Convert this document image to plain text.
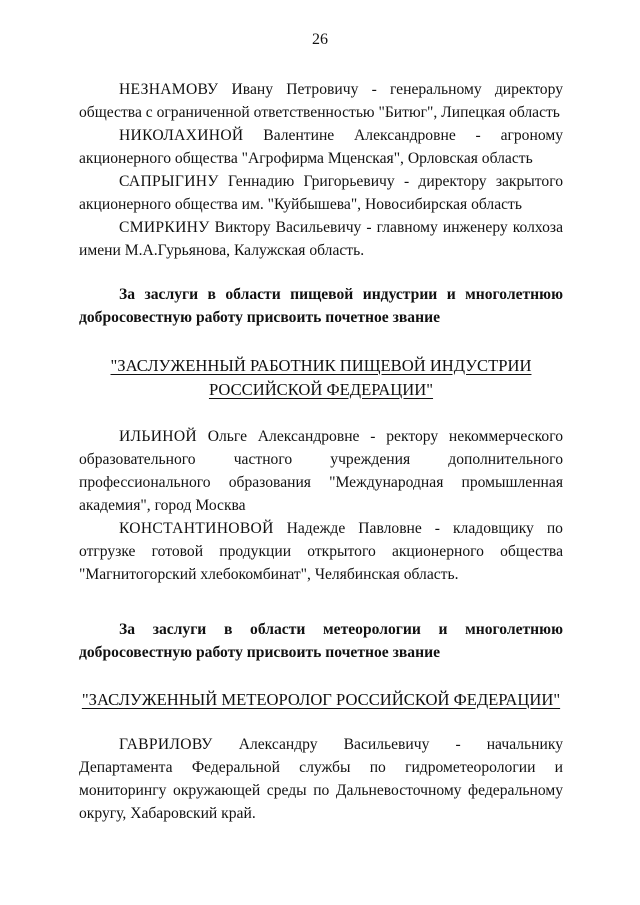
26

НЕЗНАМОВУ Ивану Петровичу - генеральному директору общества с ограниченной ответственностью "Битюг", Липецкая область

НИКОЛАХИНОЙ Валентине Александровне - агроному акционерного общества "Агрофирма Мценская", Орловская область

САПРЫГИНУ Геннадию Григорьевичу - директору закрытого акционерного общества им. "Куйбышева", Новосибирская область

СМИРКИНУ Виктору Васильевичу - главному инженеру колхоза имени М.А.Гурьянова, Калужская область.

За заслуги в области пищевой индустрии и многолетнюю добросовестную работу присвоить почетное звание

"ЗАСЛУЖЕННЫЙ РАБОТНИК ПИЩЕВОЙ ИНДУСТРИИ
РОССИЙСКОЙ ФЕДЕРАЦИИ"

ИЛЬИНОЙ Ольге Александровне - ректору некоммерческого образовательного частного учреждения дополнительного профессионального образования "Международная промышленная академия", город Москва

КОНСТАНТИНОВОЙ Надежде Павловне - кладовщику по отгрузке готовой продукции открытого акционерного общества "Магнитогорский хлебокомбинат", Челябинская область.

За заслуги в области метеорологии и многолетнюю добросовестную работу присвоить почетное звание

"ЗАСЛУЖЕННЫЙ МЕТЕОРОЛОГ РОССИЙСКОЙ ФЕДЕРАЦИИ"

ГАВРИЛОВУ Александру Васильевичу - начальнику Департамента Федеральной службы по гидрометеорологии и мониторингу окружающей среды по Дальневосточному федеральному округу, Хабаровский край.
